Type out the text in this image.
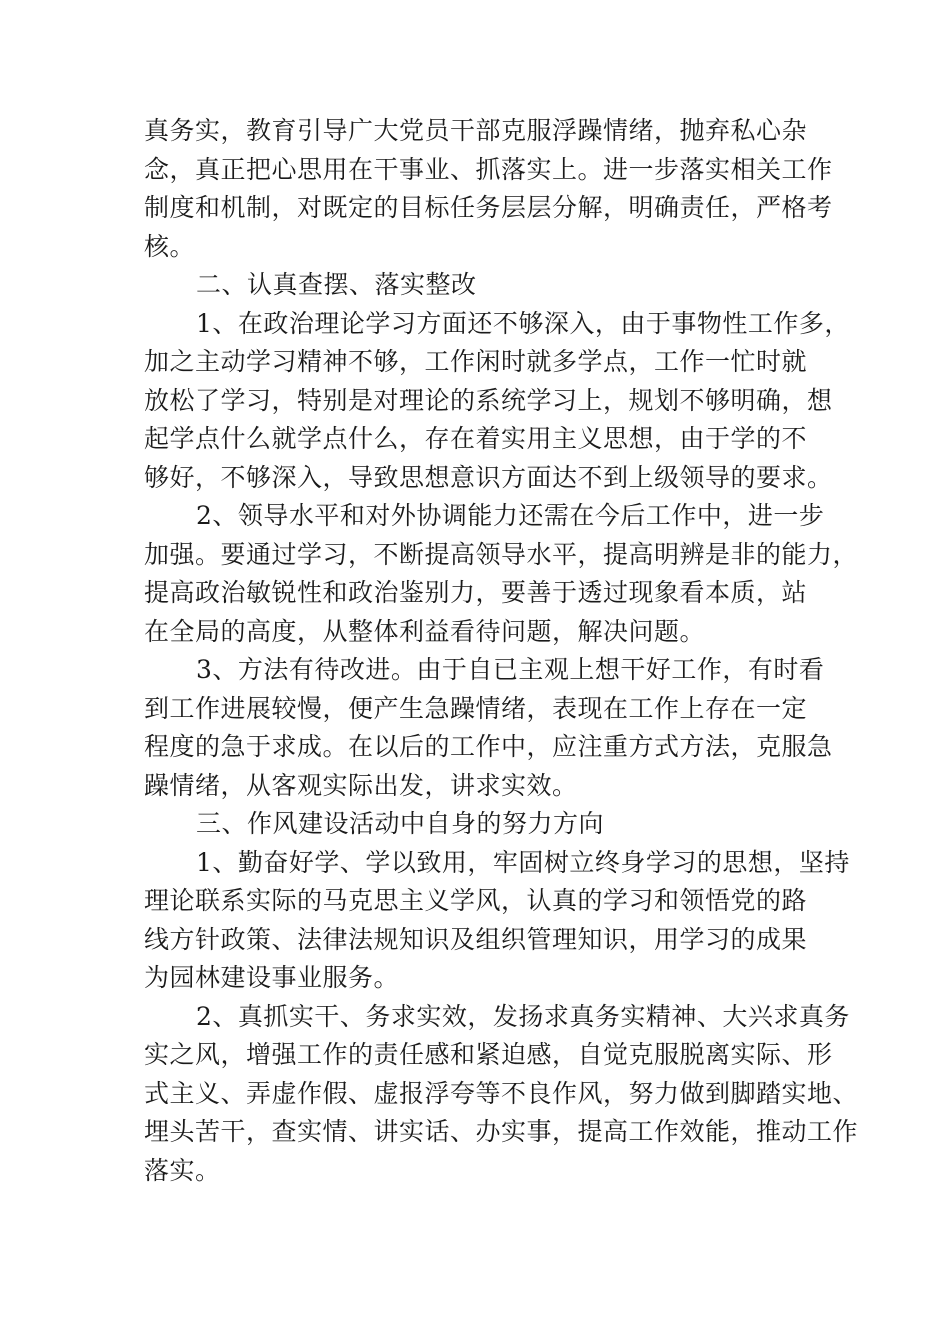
真务实，教育引导广大党员干部克服浮躁情绪，抛弃私心杂
念，真正把心思用在干事业、抓落实上。进一步落实相关工作
制度和机制，对既定的目标任务层层分解，明确责任，严格考
核。
二、认真查摆、落实整改
1、在政治理论学习方面还不够深入，由于事物性工作多，
加之主动学习精神不够，工作闲时就多学点，工作一忙时就
放松了学习，特别是对理论的系统学习上，规划不够明确，想
起学点什么就学点什么，存在着实用主义思想，由于学的不
够好，不够深入，导致思想意识方面达不到上级领导的要求。
2、领导水平和对外协调能力还需在今后工作中，进一步
加强。要通过学习，不断提高领导水平，提高明辨是非的能力，
提高政治敏锐性和政治鉴别力，要善于透过现象看本质，站
在全局的高度，从整体利益看待问题，解决问题。
3、方法有待改进。由于自已主观上想干好工作，有时看
到工作进展较慢，便产生急躁情绪，表现在工作上存在一定
程度的急于求成。在以后的工作中，应注重方式方法，克服急
躁情绪，从客观实际出发，讲求实效。
三、作风建设活动中自身的努力方向
1、勤奋好学、学以致用，牢固树立终身学习的思想，坚持
理论联系实际的马克思主义学风，认真的学习和领悟党的路
线方针政策、法律法规知识及组织管理知识，用学习的成果
为园林建设事业服务。
2、真抓实干、务求实效，发扬求真务实精神、大兴求真务
实之风，增强工作的责任感和紧迫感，自觉克服脱离实际、形
式主义、弄虚作假、虚报浮夸等不良作风，努力做到脚踏实地、
埋头苦干，查实情、讲实话、办实事，提高工作效能，推动工作
落实。
